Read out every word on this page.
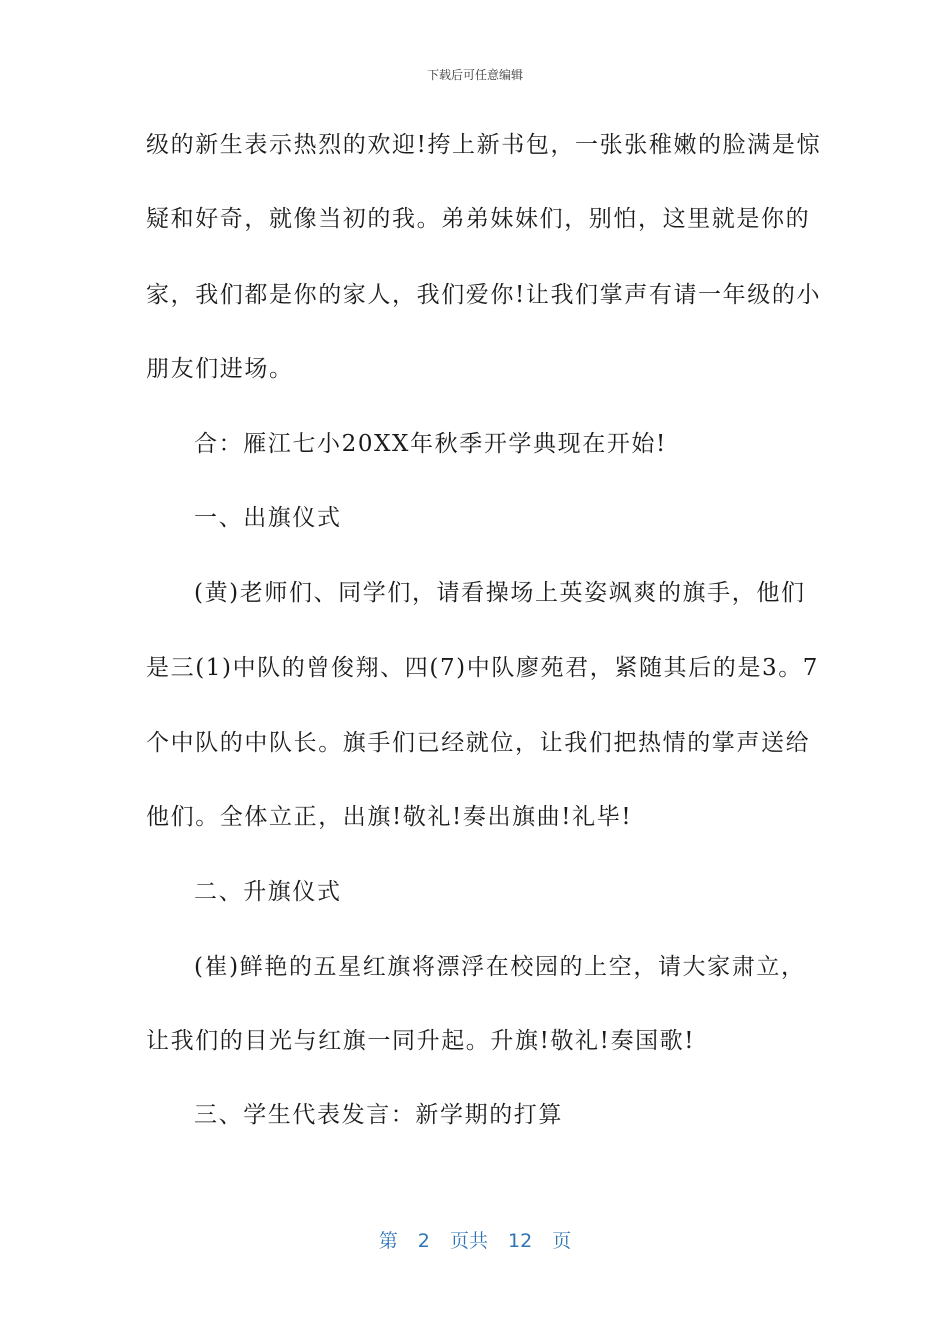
下载后可任意编辑
级的新生表示热烈的欢迎!挎上新书包，一张张稚嫩的脸满是惊
疑和好奇，就像当初的我。弟弟妹妹们，别怕，这里就是你的
家，我们都是你的家人，我们爱你!让我们掌声有请一年级的小
朋友们进场。
合：雁江七小20XX年秋季开学典现在开始!
一、出旗仪式
(黄)老师们、同学们，请看操场上英姿飒爽的旗手，他们
是三(1)中队的曾俊翔、四(7)中队廖苑君，紧随其后的是3。7
个中队的中队长。旗手们已经就位，让我们把热情的掌声送给
他们。全体立正，出旗!敬礼!奏出旗曲!礼毕!
二、升旗仪式
(崔)鲜艳的五星红旗将漂浮在校园的上空，请大家肃立，
让我们的目光与红旗一同升起。升旗!敬礼!奏国歌!
三、学生代表发言：新学期的打算
第 2 页共 12 页
